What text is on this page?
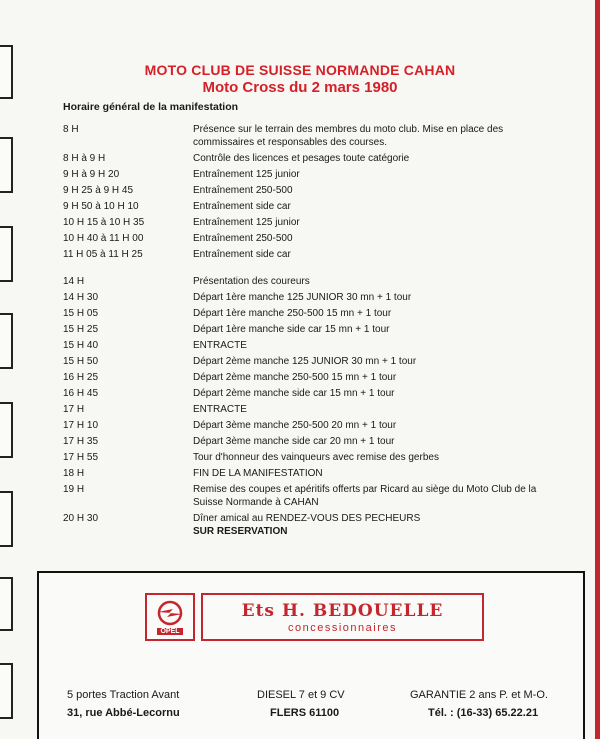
MOTO CLUB DE SUISSE NORMANDE CAHAN
Moto Cross du 2 mars 1980
Horaire général de la manifestation
8 H	Présence sur le terrain des membres du moto club. Mise en place des commissaires et responsables des courses.
8 H à 9 H	Contrôle des licences et pesages toute catégorie
9 H à 9 H 20	Entraînement 125 junior
9 H 25 à 9 H 45	Entraînement 250-500
9 H 50 à 10 H 10	Entraînement side car
10 H 15 à 10 H 35	Entraînement 125 junior
10 H 40 à 11 H 00	Entraînement 250-500
11 H 05 à 11 H 25	Entraînement side car
14 H	Présentation des coureurs
14 H 30	Départ 1ère manche 125 JUNIOR 30 mn + 1 tour
15 H 05	Départ 1ère manche 250-500 15 mn + 1 tour
15 H 25	Départ 1ère manche side car 15 mn + 1 tour
15 H 40	ENTRACTE
15 H 50	Départ 2ème manche 125 JUNIOR 30 mn + 1 tour
16 H 25	Départ 2ème manche 250-500 15 mn + 1 tour
16 H 45	Départ 2ème manche side car 15 mn + 1 tour
17 H	ENTRACTE
17 H 10	Départ 3ème manche 250-500 20 mn + 1 tour
17 H 35	Départ 3ème manche side car 20 mn + 1 tour
17 H 55	Tour d'honneur des vainqueurs avec remise des gerbes
18 H	FIN DE LA MANIFESTATION
19 H	Remise des coupes et apéritifs offerts par Ricard au siège du Moto Club de la Suisse Normande à CAHAN
20 H 30	Dîner amical au RENDEZ-VOUS DES PECHEURS
SUR RESERVATION
OPEL
Ets H. BEDOUELLE
concessionnaires
5 portes Traction Avant
31, rue Abbé-Lecornu
DIESEL 7 et 9 CV
FLERS 61100
GARANTIE 2 ans P. et M-O.
Tél. : (16-33) 65.22.21
